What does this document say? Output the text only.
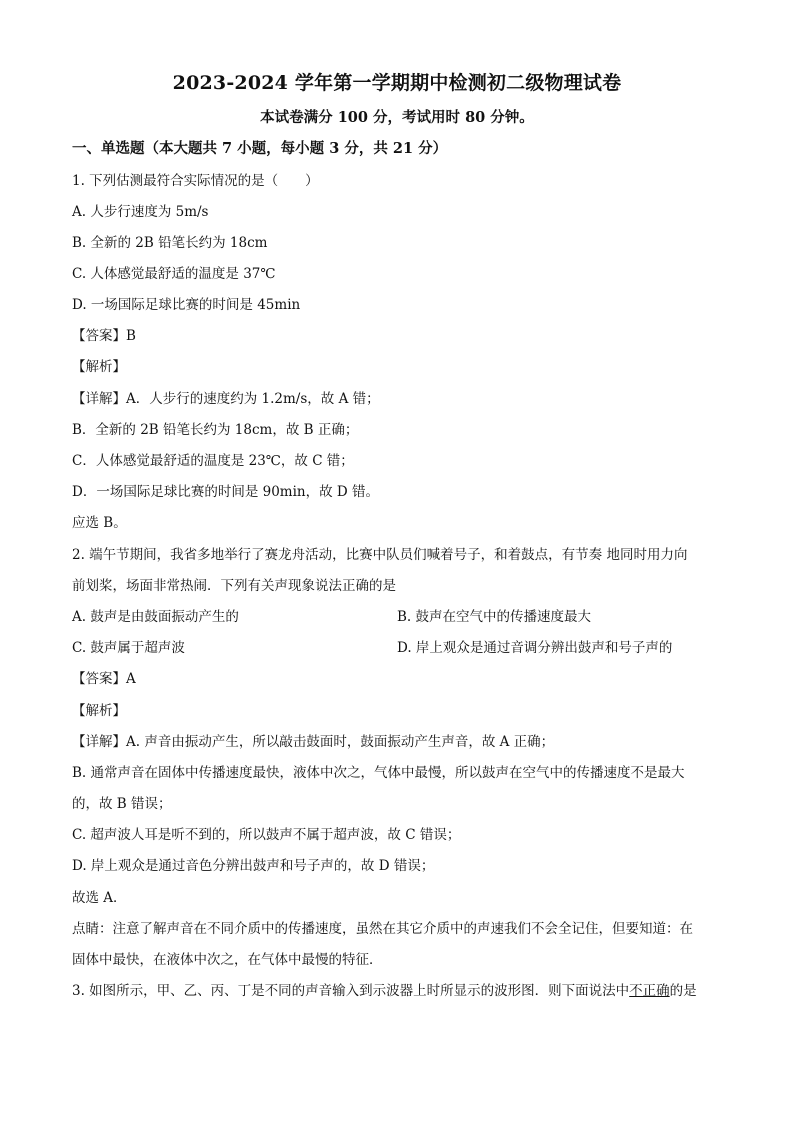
2023-2024 学年第一学期期中检测初二级物理试卷
本试卷满分 100 分，考试用时 80 分钟。
一、单选题（本大题共 7 小题，每小题 3 分，共 21 分）
1. 下列估测最符合实际情况的是（　　）
A. 人步行速度为 5m/s
B. 全新的 2B 铅笔长约为 18cm
C. 人体感觉最舒适的温度是 37℃
D. 一场国际足球比赛的时间是 45min
【答案】B
【解析】
【详解】A．人步行的速度约为 1.2m/s，故 A 错；
B．全新的 2B 铅笔长约为 18cm，故 B 正确；
C．人体感觉最舒适的温度是 23℃，故 C 错；
D．一场国际足球比赛的时间是 90min，故 D 错。
应选 B。
2. 端午节期间，我省多地举行了赛龙舟活动，比赛中队员们喊着号子，和着鼓点，有节奏 地同时用力向
前划桨，场面非常热闹．下列有关声现象说法正确的是
A. 鼓声是由鼓面振动产生的	B. 鼓声在空气中的传播速度最大
C. 鼓声属于超声波	D. 岸上观众是通过音调分辨出鼓声和号子声的
【答案】A
【解析】
【详解】A. 声音由振动产生，所以敲击鼓面时，鼓面振动产生声音，故 A 正确；
B. 通常声音在固体中传播速度最快，液体中次之，气体中最慢，所以鼓声在空气中的传播速度不是最大
的，故 B 错误；
C. 超声波人耳是听不到的，所以鼓声不属于超声波，故 C 错误；
D. 岸上观众是通过音色分辨出鼓声和号子声的，故 D 错误；
故选 A．
点睛：注意了解声音在不同介质中的传播速度，虽然在其它介质中的声速我们不会全记住，但要知道：在
固体中最快，在液体中次之，在气体中最慢的特征．
3. 如图所示，甲、乙、丙、丁是不同的声音输入到示波器上时所显示的波形图．则下面说法中不正确的是
